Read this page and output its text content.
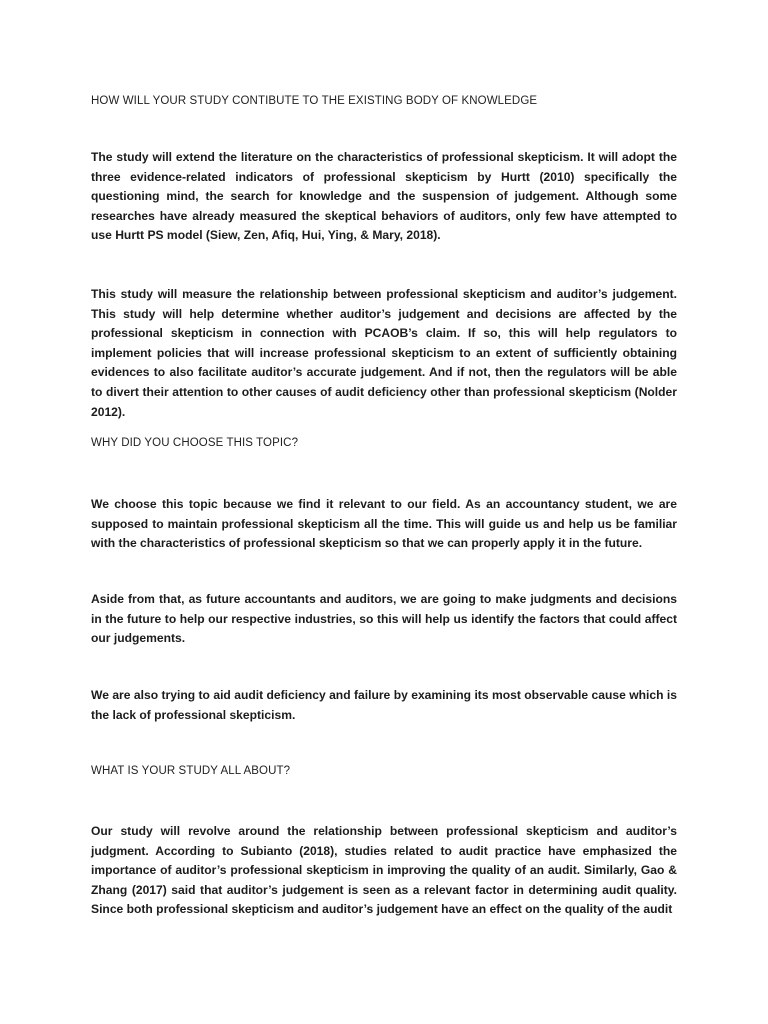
HOW WILL YOUR STUDY CONTIBUTE TO THE EXISTING BODY OF KNOWLEDGE

The study will extend the literature on the characteristics of professional skepticism. It will adopt the three evidence-related indicators of professional skepticism by Hurtt (2010) specifically the questioning mind, the search for knowledge and the suspension of judgement. Although some researches have already measured the skeptical behaviors of auditors, only few have attempted to use Hurtt PS model (Siew, Zen, Afiq, Hui, Ying, & Mary, 2018).

This study will measure the relationship between professional skepticism and auditor’s judgement. This study will help determine whether auditor’s judgement and decisions are affected by the professional skepticism in connection with PCAOB’s claim. If so, this will help regulators to implement policies that will increase professional skepticism to an extent of sufficiently obtaining evidences to also facilitate auditor’s accurate judgement. And if not, then the regulators will be able to divert their attention to other causes of audit deficiency other than professional skepticism (Nolder 2012).

WHY DID YOU CHOOSE THIS TOPIC?

We choose this topic because we find it relevant to our field. As an accountancy student, we are supposed to maintain professional skepticism all the time. This will guide us and help us be familiar with the characteristics of professional skepticism so that we can properly apply it in the future.

Aside from that, as future accountants and auditors, we are going to make judgments and decisions in the future to help our respective industries, so this will help us identify the factors that could affect our judgements.

We are also trying to aid audit deficiency and failure by examining its most observable cause which is the lack of professional skepticism.

WHAT IS YOUR STUDY ALL ABOUT?

Our study will revolve around the relationship between professional skepticism and auditor’s judgment. According to Subianto (2018), studies related to audit practice have emphasized the importance of auditor’s professional skepticism in improving the quality of an audit. Similarly, Gao & Zhang (2017) said that auditor’s judgement is seen as a relevant factor in determining audit quality. Since both professional skepticism and auditor’s judgement have an effect on the quality of the audit
